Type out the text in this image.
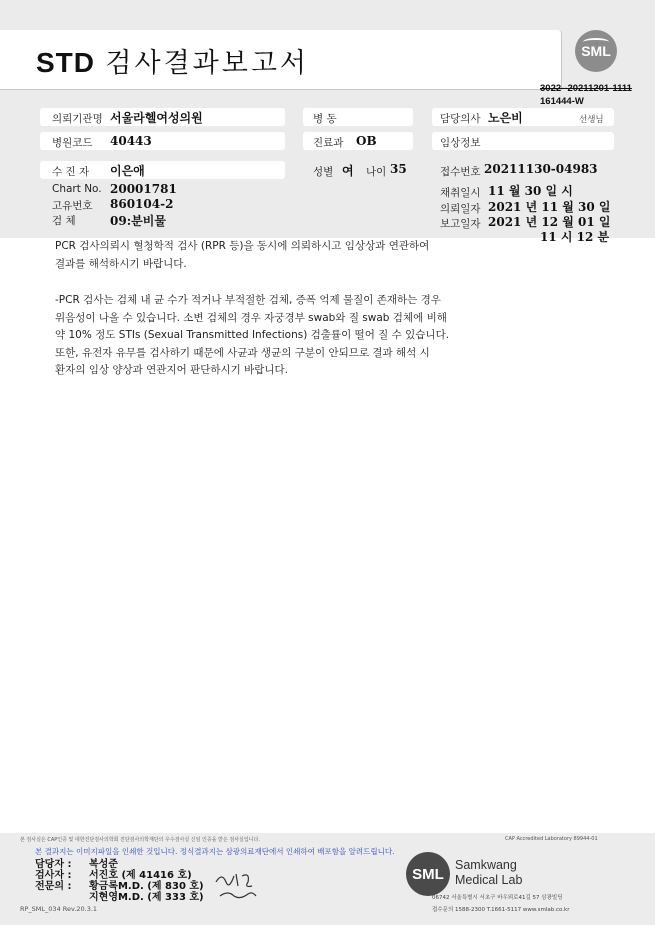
STD 검사결과보고서	SML
3022--20211201-1111
161444-W
의뢰기관명 서울라헬여성의원	병 동	담당의사 노은비	선생님
병원코드 40443	진료과 OB	임상정보
수 진 자 이은애	성별 여 나이 35	접수번호 20211130-04983
Chart No. 20001781
고유번호 860104-2
검 체	09:분비물
채취일시 11 월 30 일 시
의뢰일자 2021 년 11 월 30 일
보고일자 2021 년 12 월 01 일
11 시 12 분
PCR 검사의뢰시 혈청학적 검사 (RPR 등)을 동시에 의뢰하시고 임상상과 연관하여
결과를 해석하시기 바랍니다.
-PCR 검사는 검체 내 균 수가 적거나 부적절한 검체, 증폭 억제 물질이 존재하는 경우
위음성이 나올 수 있습니다. 소변 검체의 경우 자궁경부 swab와 질 swab 검체에 비해
약 10% 정도 STIs (Sexual Transmitted Infections) 검출률이 떨어 질 수 있습니다.
또한, 유전자 유무를 검사하기 때문에 사균과 생균의 구분이 안되므로 결과 해석 시
환자의 임상 양상과 연관지어 판단하시기 바랍니다.
본 검사실은 CAP인증 및 대한진단검사의학회 진단검사의학재단의 우수검사실 신임 인증을 받은 검사실입니다.	CAP Accredited Laboratory 89944-01
본 결과지는 이미지파일을 인쇄한 것입니다. 정식결과지는 삼광의료재단에서 인쇄하여 배포함을 알려드립니다.
담당자 : 복성준
검사자 : 서진호 (제 41416 호)
전문의 : 황금록M.D. (제 830 호)
지현영M.D. (제 333 호)
RP_SML_034 Rev.20.3.1
SML
Samkwang
Medical Lab
06742 서울특별시 서초구 바우뫼로41길 57 삼광빌딩
접수문의 1588-2300 T.1661-5117 www.smlab.co.kr
